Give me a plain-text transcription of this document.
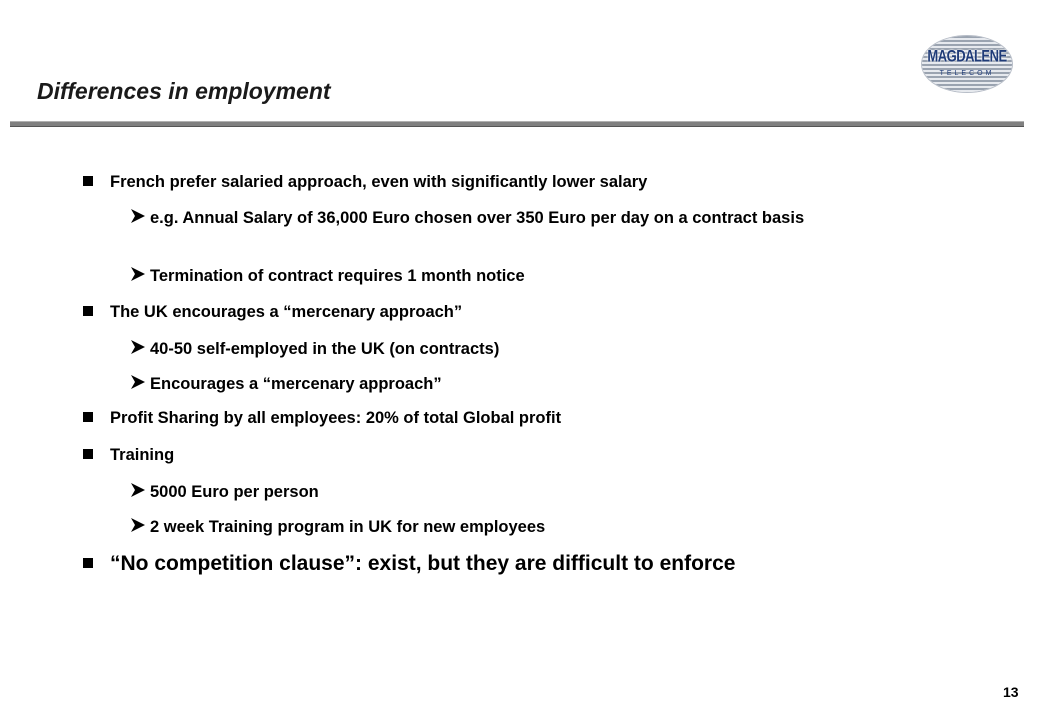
Differences in employment
MAGDALENE
TELECOM
French prefer salaried approach, even with significantly lower salary
e.g. Annual Salary of 36,000 Euro chosen over 350 Euro per day on a contract basis
Termination of contract requires 1 month notice
The UK encourages a “mercenary approach”
40-50 self-employed in the UK (on contracts)
Encourages a “mercenary approach”
Profit Sharing by all employees: 20% of total Global profit
Training
5000 Euro per person
2 week Training program in UK for new employees
“No competition clause”: exist, but they are difficult to enforce
13
